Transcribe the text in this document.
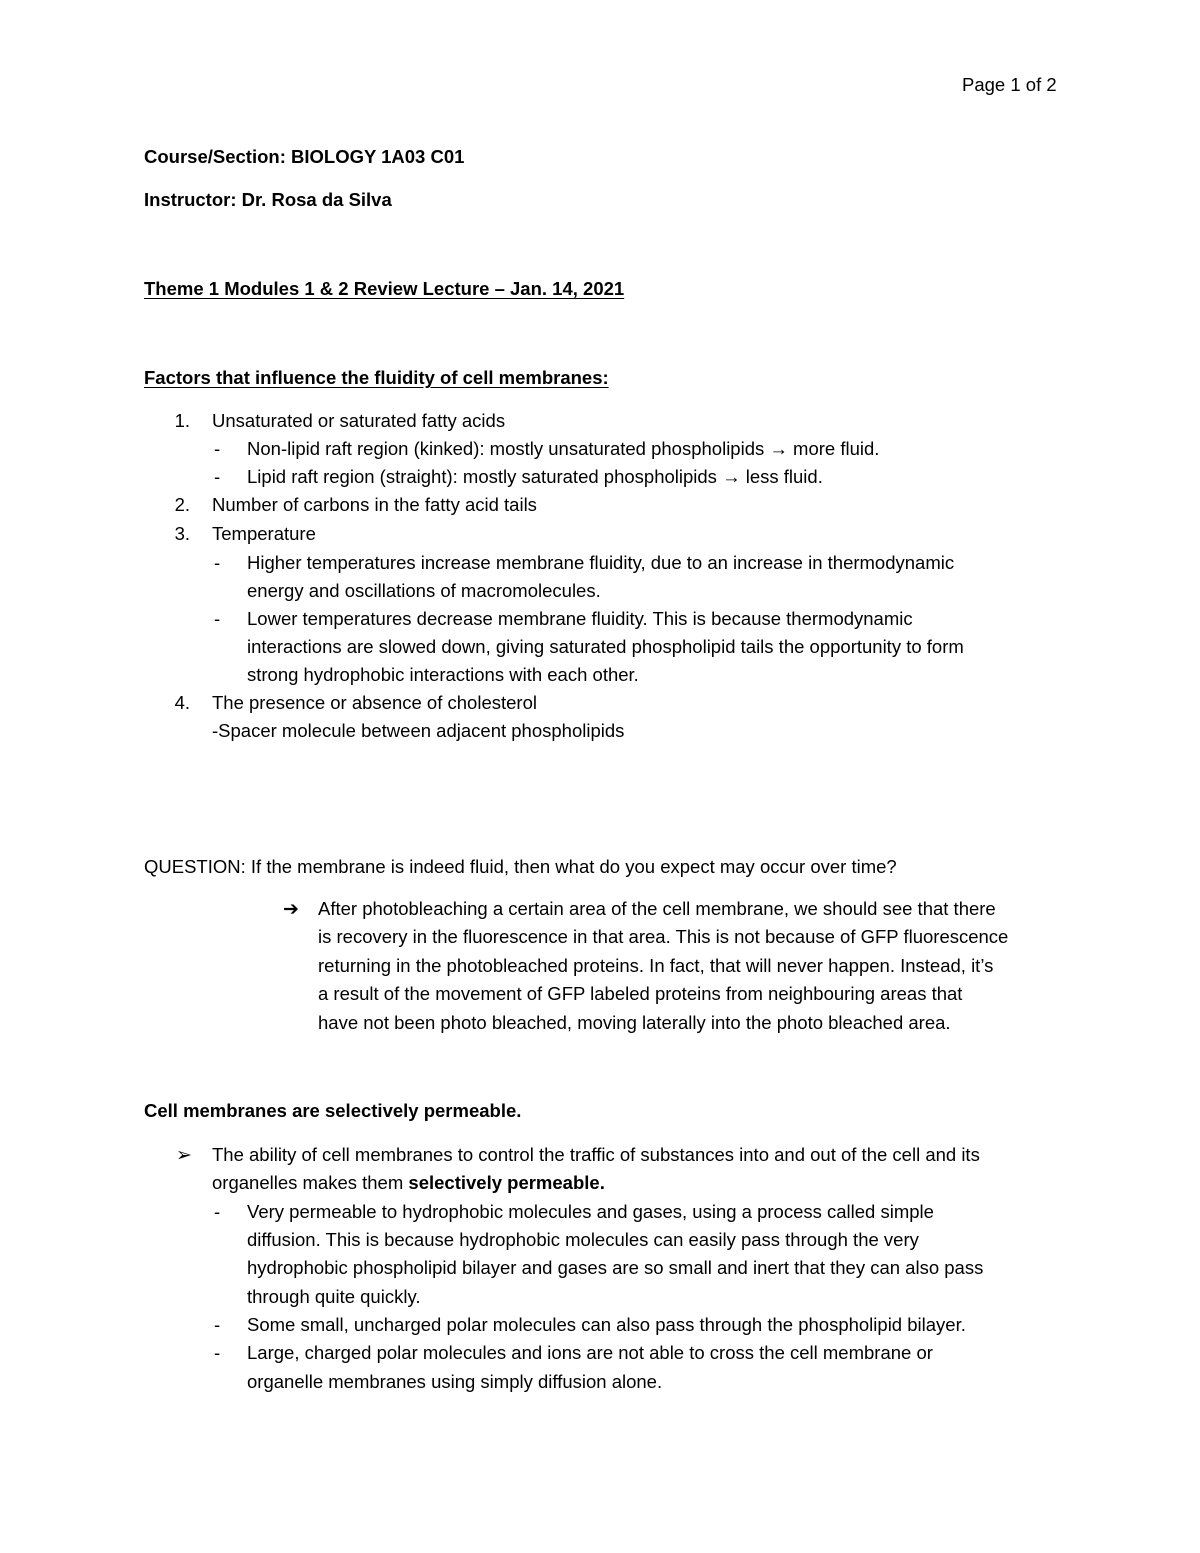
Page 1 of 2
Course/Section: BIOLOGY 1A03 C01
Instructor: Dr. Rosa da Silva
Theme 1 Modules 1 & 2 Review Lecture – Jan. 14, 2021
Factors that influence the fluidity of cell membranes:
1. Unsaturated or saturated fatty acids
- Non-lipid raft region (kinked): mostly unsaturated phospholipids → more fluid.
- Lipid raft region (straight): mostly saturated phospholipids → less fluid.
2. Number of carbons in the fatty acid tails
3. Temperature
- Higher temperatures increase membrane fluidity, due to an increase in thermodynamic
energy and oscillations of macromolecules.
- Lower temperatures decrease membrane fluidity. This is because thermodynamic
interactions are slowed down, giving saturated phospholipid tails the opportunity to form
strong hydrophobic interactions with each other.
4. The presence or absence of cholesterol
-Spacer molecule between adjacent phospholipids
QUESTION: If the membrane is indeed fluid, then what do you expect may occur over time?
➔ After photobleaching a certain area of the cell membrane, we should see that there
is recovery in the fluorescence in that area. This is not because of GFP fluorescence
returning in the photobleached proteins. In fact, that will never happen. Instead, it’s
a result of the movement of GFP labeled proteins from neighbouring areas that
have not been photo bleached, moving laterally into the photo bleached area.
Cell membranes are selectively permeable.
➢ The ability of cell membranes to control the traffic of substances into and out of the cell and its
organelles makes them selectively permeable.
- Very permeable to hydrophobic molecules and gases, using a process called simple
diffusion. This is because hydrophobic molecules can easily pass through the very
hydrophobic phospholipid bilayer and gases are so small and inert that they can also pass
through quite quickly.
- Some small, uncharged polar molecules can also pass through the phospholipid bilayer.
- Large, charged polar molecules and ions are not able to cross the cell membrane or
organelle membranes using simply diffusion alone.
